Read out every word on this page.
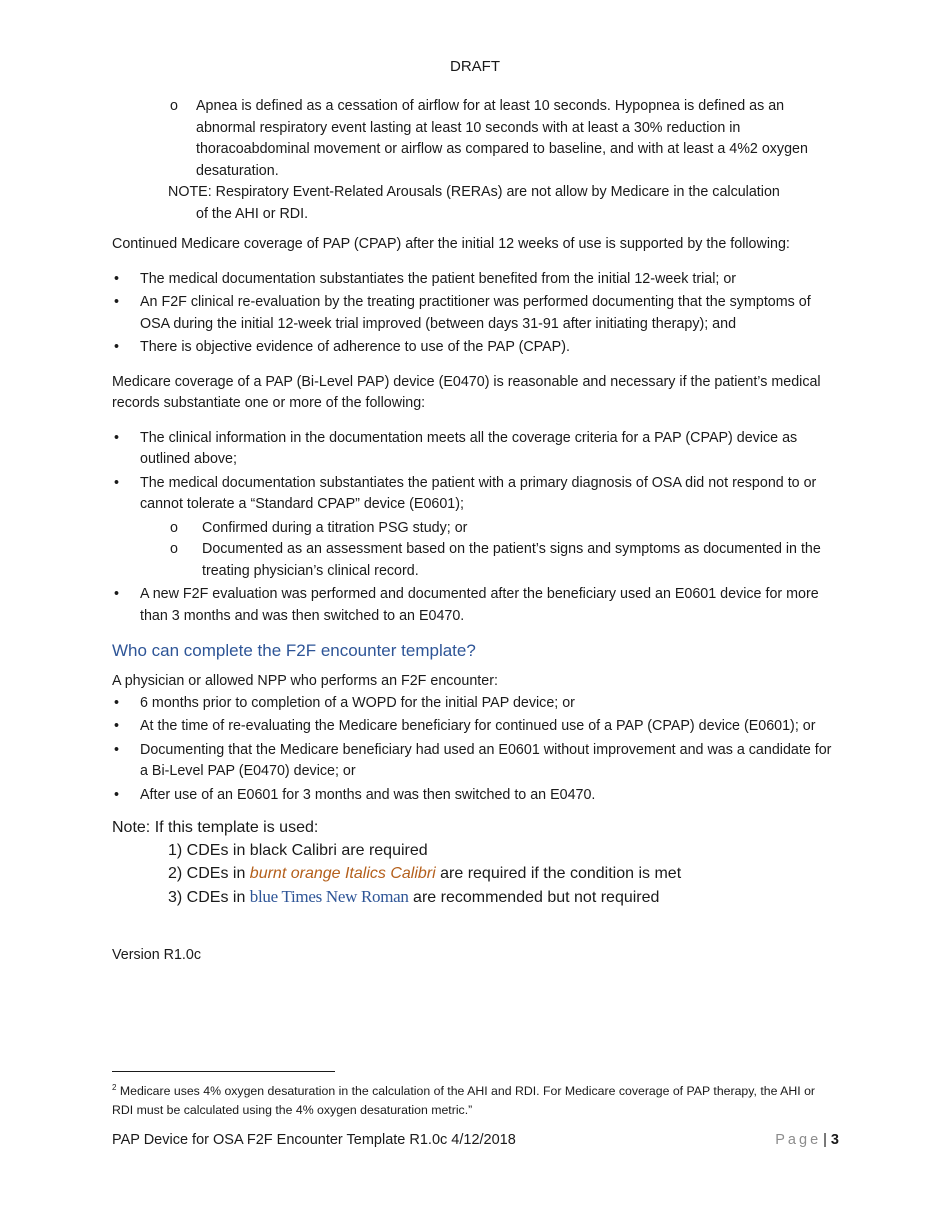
DRAFT
o Apnea is defined as a cessation of airflow for at least 10 seconds. Hypopnea is defined as an abnormal respiratory event lasting at least 10 seconds with at least a 30% reduction in thoracoabdominal movement or airflow as compared to baseline, and with at least a 4%2 oxygen desaturation.
NOTE: Respiratory Event-Related Arousals (RERAs) are not allow by Medicare in the calculation
of the AHI or RDI.

Continued Medicare coverage of PAP (CPAP) after the initial 12 weeks of use is supported by the following:

• The medical documentation substantiates the patient benefited from the initial 12-week trial; or
• An F2F clinical re-evaluation by the treating practitioner was performed documenting that the symptoms of OSA during the initial 12-week trial improved (between days 31-91 after initiating therapy); and
• There is objective evidence of adherence to use of the PAP (CPAP).

Medicare coverage of a PAP (Bi-Level PAP) device (E0470) is reasonable and necessary if the patient’s medical records substantiate one or more of the following:

• The clinical information in the documentation meets all the coverage criteria for a PAP (CPAP) device as outlined above;
• The medical documentation substantiates the patient with a primary diagnosis of OSA did not respond to or cannot tolerate a “Standard CPAP” device (E0601);
o Confirmed during a titration PSG study; or
o Documented as an assessment based on the patient’s signs and symptoms as documented in the treating physician’s clinical record.
• A new F2F evaluation was performed and documented after the beneficiary used an E0601 device for more than 3 months and was then switched to an E0470.
Who can complete the F2F encounter template?

A physician or allowed NPP who performs an F2F encounter:

• 6 months prior to completion of a WOPD for the initial PAP device; or
• At the time of re-evaluating the Medicare beneficiary for continued use of a PAP (CPAP) device (E0601); or
• Documenting that the Medicare beneficiary had used an E0601 without improvement and was a candidate for a Bi-Level PAP (E0470) device; or
• After use of an E0601 for 3 months and was then switched to an E0470.
Note: If this template is used:
1) CDEs in black Calibri are required
2) CDEs in burnt orange Italics Calibri are required if the condition is met
3) CDEs in blue Times New Roman are recommended but not required

Version R1.0c

$^2$ Medicare uses 4% oxygen desaturation in the calculation of the AHI and RDI. For Medicare coverage of PAP therapy, the AHI or RDI must be calculated using the 4% oxygen desaturation metric.”
PAP Device for OSA F2F Encounter Template R1.0c 4/12/2018	Page | 3
